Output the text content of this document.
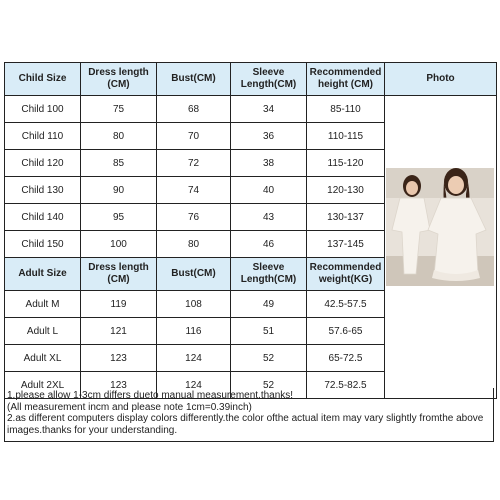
Child Size	Dress length (CM)	Bust(CM)	Sleeve Length(CM)	Recommended height (CM)	Photo
Child 100	75	68	34	85-110	

Child 110	80	70	36	110-115	
Child 120	85	72	38	115-120	
Child 130	90	74	40	120-130	
Child 140	95	76	43	130-137	
Child 150	100	80	46	137-145	
Adult Size	Dress length (CM)	Bust(CM)	Sleeve Length(CM)	Recommended weight(KG)	
Adult M	119	108	49	42.5-57.5	
Adult L	121	116	51	57.6-65	
Adult XL	123	124	52	65-72.5	
Adult 2XL	123	124	52	72.5-82.5	
1.please allow 1-3cm differs dueto manual measurement.thanks!
(All measurement incm and please note 1cm=0.39inch)
2.as different computers display colors differently.the color ofthe actual item may vary slightly fromthe above images.thanks for your understanding.
